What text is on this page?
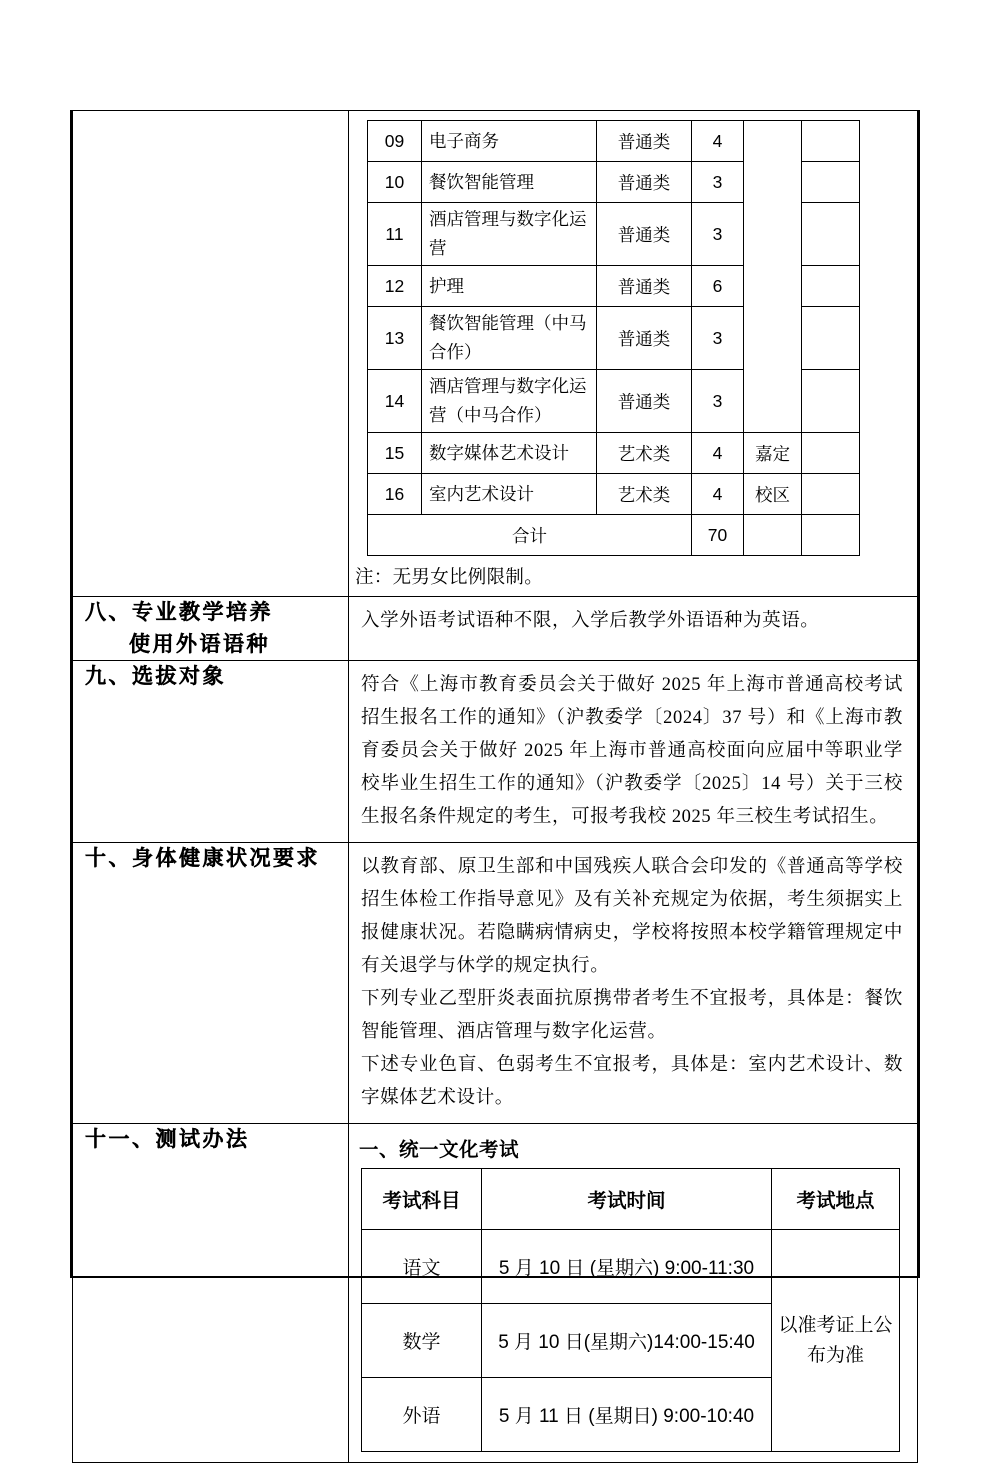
09	电子商务	普通类	4		
10	餐饮智能管理	普通类	3	
11	酒店管理与数字化运营	普通类	3	
12	护理	普通类	6	
13	餐饮智能管理（中马合作）	普通类	3	
14	酒店管理与数字化运营（中马合作）	普通类	3	
15	数字媒体艺术设计	艺术类	4	嘉定	
16	室内艺术设计	艺术类	4	校区	
合计	70		
注：无男女比例限制。

八、专业教学培养
使用外语语种

入学外语考试语种不限，入学后教学外语语种为英语。

九、选拔对象	符合《上海市教育委员会关于做好 2025 年上海市普通高校考试招生报名工作的通知》（沪教委学〔2024〕37 号）和《上海市教育委员会关于做好 2025 年上海市普通高校面向应届中等职业学校毕业生招生工作的通知》（沪教委学〔2025〕14 号）关于三校生报名条件规定的考生，可报考我校 2025 年三校生考试招生。

十、身体健康状况要求	以教育部、原卫生部和中国残疾人联合会印发的《普通高等学校招生体检工作指导意见》及有关补充规定为依据，考生须据实上报健康状况。若隐瞒病情病史，学校将按照本校学籍管理规定中有关退学与休学的规定执行。

下列专业乙型肝炎表面抗原携带者考生不宜报考，具体是：餐饮智能管理、酒店管理与数字化运营。

下述专业色盲、色弱考生不宜报考，具体是：室内艺术设计、数字媒体艺术设计。

十一、测试办法	一、统一文化考试
考试科目	考试时间	考试地点
语文	5 月 10 日 (星期六) 9:00-11:30	以准考证上公
布为准
数学	5 月 10 日(星期六)14:00-15:40
外语	5 月 11 日 (星期日) 9:00-10:40
